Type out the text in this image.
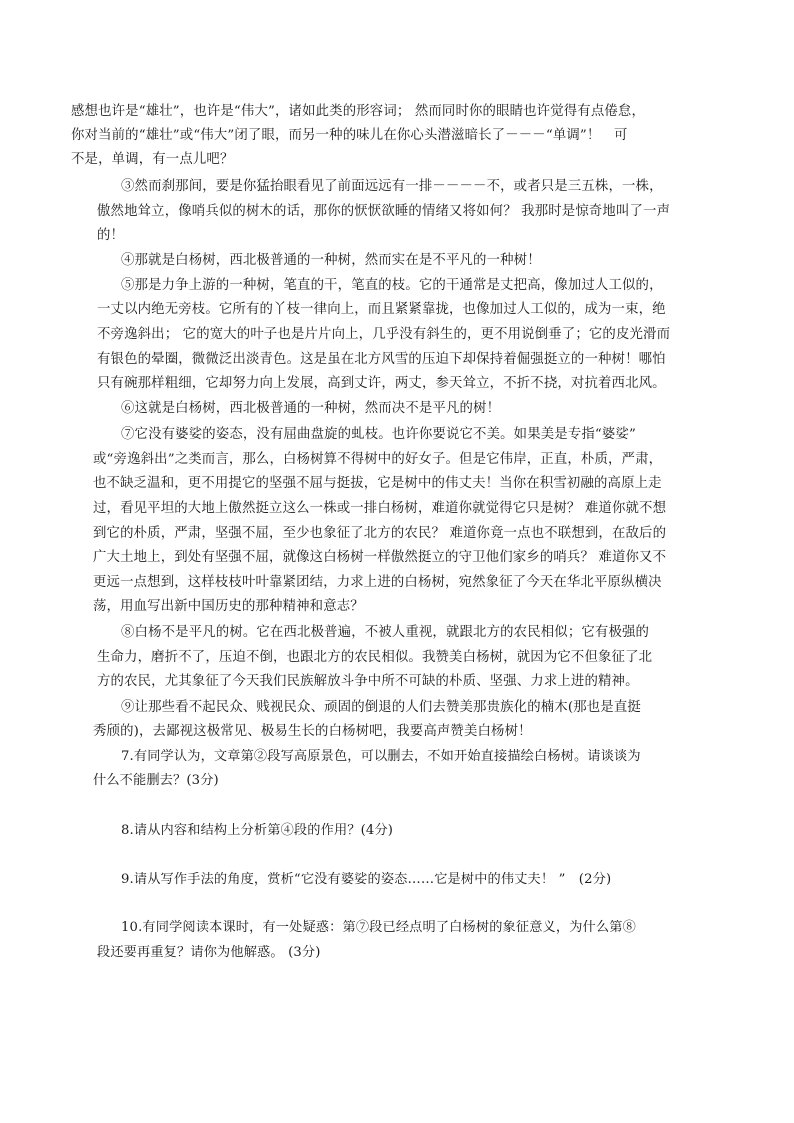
感想也许是“雄壮”，也许是“伟大”，诸如此类的形容词； 然而同时你的眼睛也许觉得有点倦怠，
你对当前的“雄壮”或“伟大”闭了眼，而另一种的味儿在你心头潜滋暗长了－－－“单调”！　可
不是，单调，有一点儿吧？
③然而刹那间，要是你猛抬眼看见了前面远远有一排－－－－不，或者只是三五株，一株，
傲然地耸立，像哨兵似的树木的话，那你的恹恹欲睡的情绪又将如何？ 我那时是惊奇地叫了一声
的！
④那就是白杨树，西北极普通的一种树，然而实在是不平凡的一种树！
⑤那是力争上游的一种树，笔直的干，笔直的枝。它的干通常是丈把高，像加过人工似的，
一丈以内绝无旁枝。它所有的丫枝一律向上，而且紧紧靠拢，也像加过人工似的，成为一束，绝
不旁逸斜出； 它的宽大的叶子也是片片向上，几乎没有斜生的，更不用说倒垂了；它的皮光滑而
有银色的晕圈，微微泛出淡青色。这是虽在北方风雪的压迫下却保持着倔强挺立的一种树！哪怕
只有碗那样粗细，它却努力向上发展，高到丈许，两丈，参天耸立，不折不挠，对抗着西北风。
⑥这就是白杨树，西北极普通的一种树，然而决不是平凡的树！
⑦它没有婆娑的姿态，没有屈曲盘旋的虬枝。也许你要说它不美。如果美是专指“婆娑”
或“旁逸斜出”之类而言，那么，白杨树算不得树中的好女子。但是它伟岸，正直，朴质，严肃，
也不缺乏温和，更不用提它的坚强不屈与挺拔，它是树中的伟丈夫！当你在积雪初融的高原上走
过，看见平坦的大地上傲然挺立这么一株或一排白杨树，难道你就觉得它只是树？ 难道你就不想
到它的朴质，严肃，坚强不屈，至少也象征了北方的农民？ 难道你竟一点也不联想到，在敌后的
广大土地上，到处有坚强不屈，就像这白杨树一样傲然挺立的守卫他们家乡的哨兵？ 难道你又不
更远一点想到，这样枝枝叶叶靠紧团结，力求上进的白杨树，宛然象征了今天在华北平原纵横决
荡，用血写出新中国历史的那种精神和意志？
⑧白杨不是平凡的树。它在西北极普遍，不被人重视，就跟北方的农民相似；它有极强的
生命力，磨折不了，压迫不倒，也跟北方的农民相似。我赞美白杨树，就因为它不但象征了北
方的农民，尤其象征了今天我们民族解放斗争中所不可缺的朴质、坚强、力求上进的精神。
⑨让那些看不起民众、贱视民众、顽固的倒退的人们去赞美那贵族化的楠木(那也是直挺
秀颀的)，去鄙视这极常见、极易生长的白杨树吧，我要高声赞美白杨树！
7.有同学认为，文章第②段写高原景色，可以删去，不如开始直接描绘白杨树。请谈谈为
什么不能删去？(3分)
8.请从内容和结构上分析第④段的作用？(4分)
9.请从写作手法的角度，赏析“它没有婆娑的姿态……它是树中的伟丈夫！ ”　(2分)
10.有同学阅读本课时，有一处疑惑：第⑦段已经点明了白杨树的象征意义，为什么第⑧
段还要再重复？请你为他解惑。 (3分)
